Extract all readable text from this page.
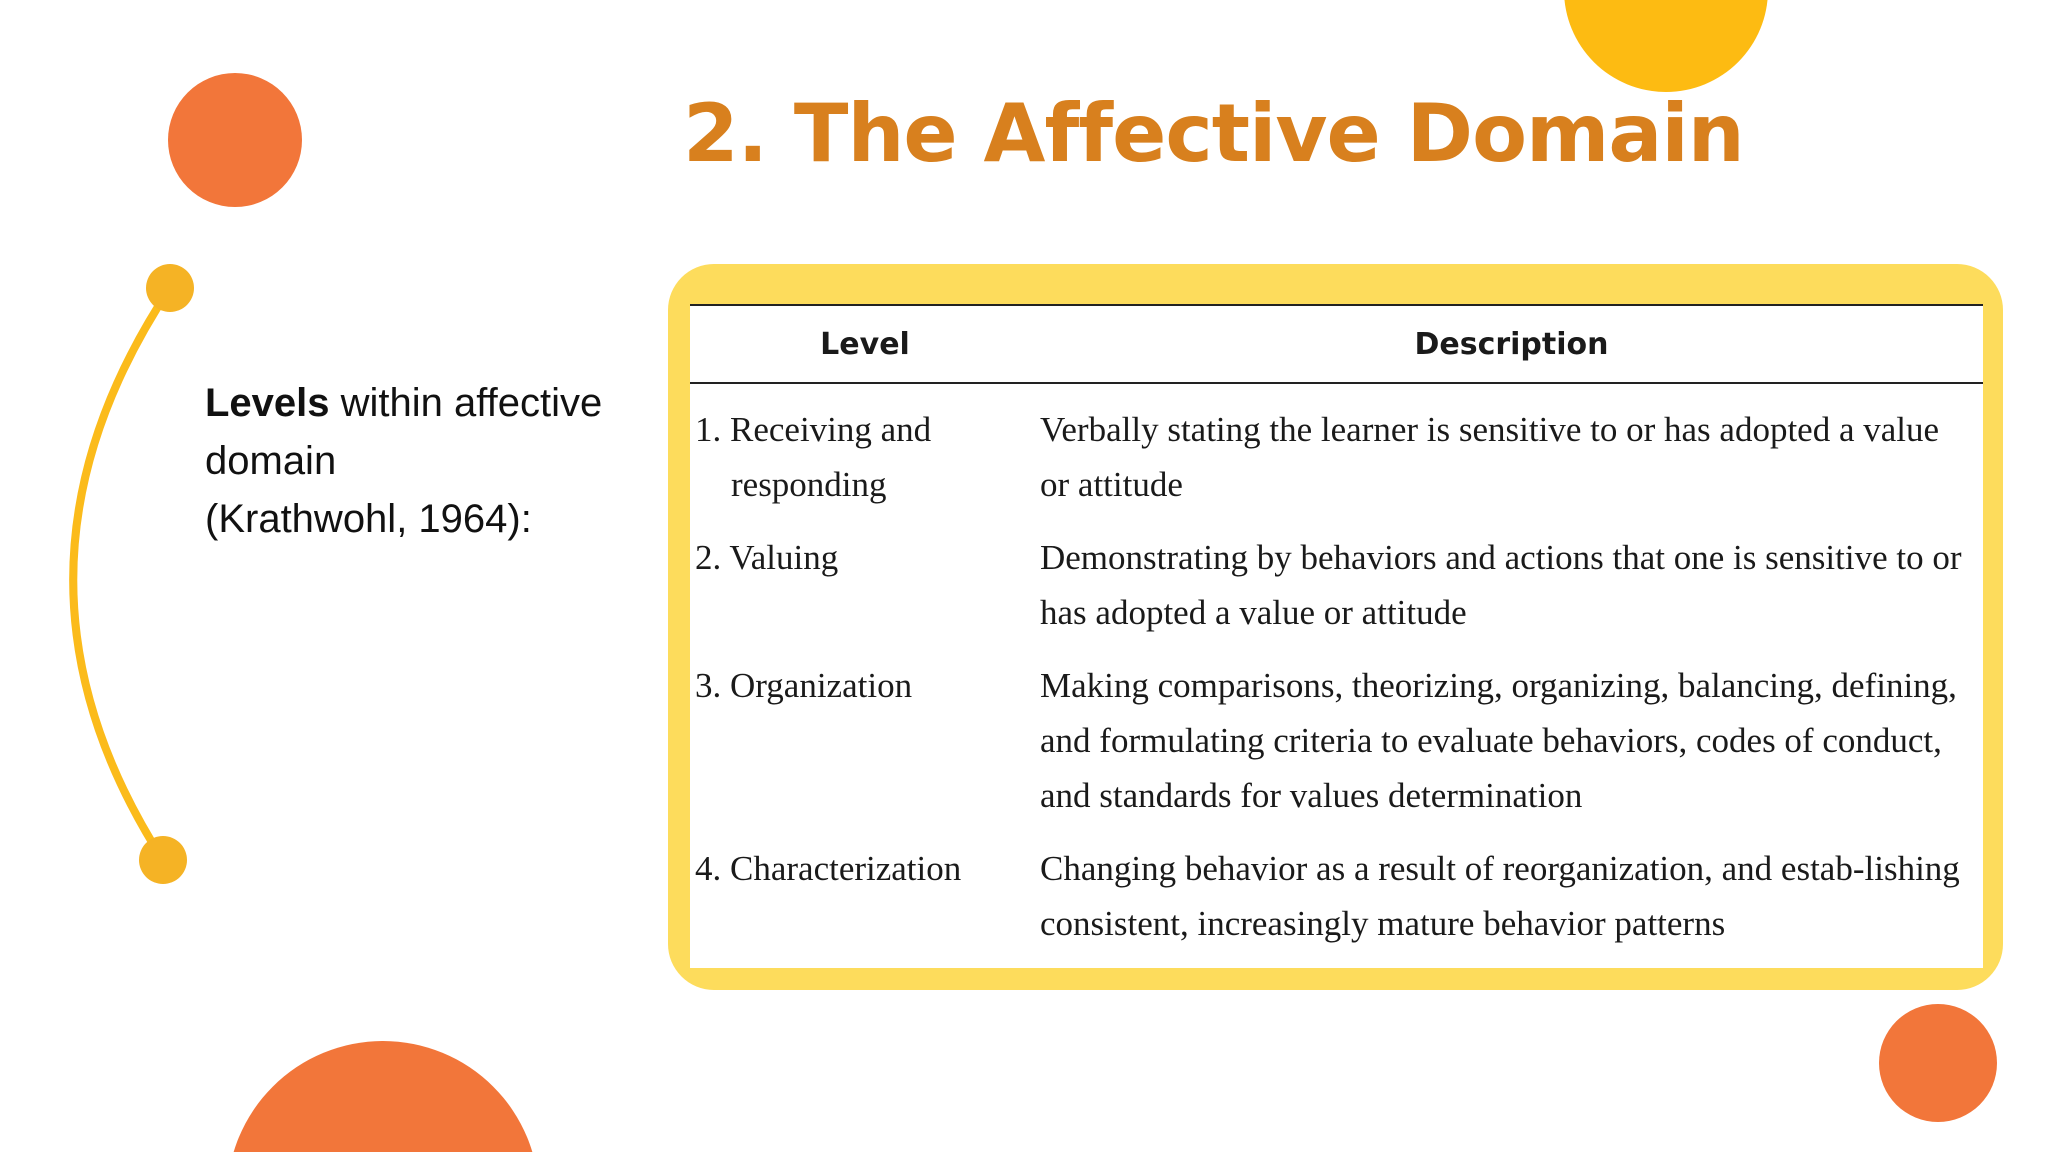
2. The Affective Domain
Levels within affective
domain
(Krathwohl, 1964):
Level	Description

1. Receiving and responding	Verbally stating the learner is sensitive to or has adopted a value or attitude

2. Valuing	Demonstrating by behaviors and actions that one is sensitive to or has adopted a value or attitude

3. Organization	Making comparisons, theorizing, organizing, balancing, defining, and formulating criteria to evaluate behaviors, codes of conduct, and standards for values determination

4. Characterization	Changing behavior as a result of reorganization, and estab-lishing consistent, increasingly mature behavior patterns
